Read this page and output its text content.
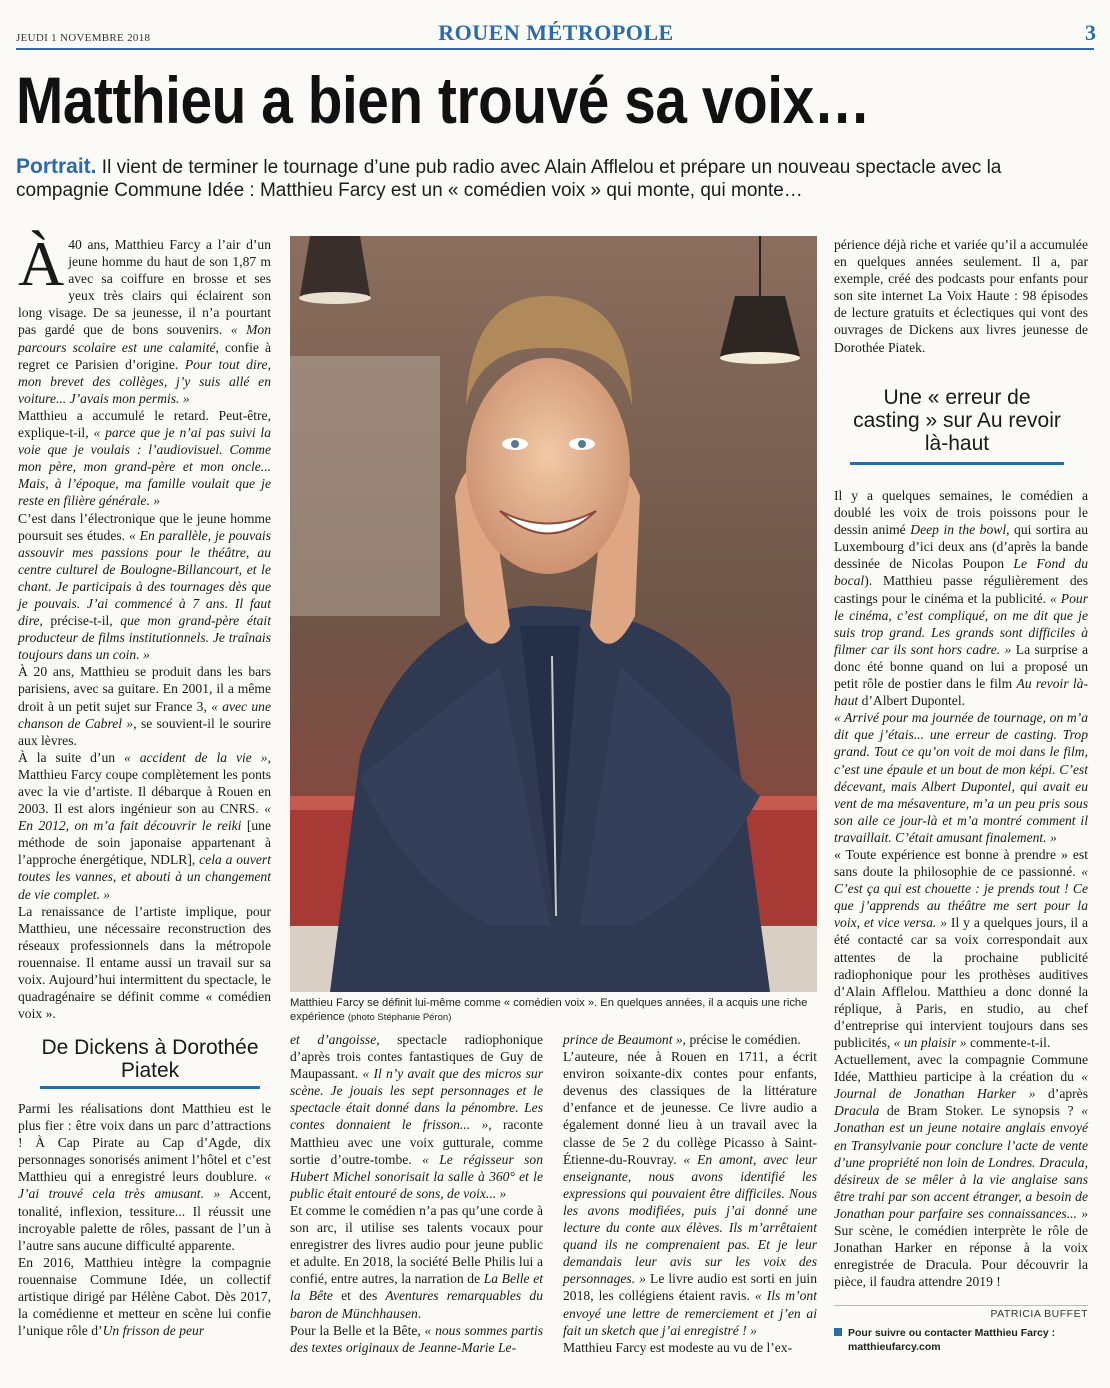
JEUDI 1 NOVEMBRE 2018	ROUEN MÉTROPOLE	3
Matthieu a bien trouvé sa voix…
Portrait. Il vient de terminer le tournage d’une pub radio avec Alain Afflelou et prépare un nouveau spectacle avec la compagnie Commune Idée : Matthieu Farcy est un « comédien voix » qui monte, qui monte…

À 40 ans, Matthieu Farcy a l’air d’un jeune homme du haut de son 1,87 m avec sa coiffure en brosse et ses yeux très clairs qui éclairent son long visage. De sa jeunesse, il n’a pourtant pas gardé que de bons souvenirs. « Mon parcours scolaire est une calamité, confie à regret ce Parisien d’origine. Pour tout dire, mon brevet des collèges, j’y suis allé en voiture... J’avais mon permis. »

Matthieu a accumulé le retard. Peut-être, explique-t-il, « parce que je n’ai pas suivi la voie que je voulais : l’audiovisuel. Comme mon père, mon grand-père et mon oncle... Mais, à l’époque, ma famille voulait que je reste en filière générale. »

C’est dans l’électronique que le jeune homme poursuit ses études. « En parallèle, je pouvais assouvir mes passions pour le théâtre, au centre culturel de Boulogne-Billancourt, et le chant. Je participais à des tournages dès que je pouvais. J’ai commencé à 7 ans. Il faut dire, précise-t-il, que mon grand-père était producteur de films institutionnels. Je traînais toujours dans un coin. »

À 20 ans, Matthieu se produit dans les bars parisiens, avec sa guitare. En 2001, il a même droit à un petit sujet sur France 3, « avec une chanson de Cabrel », se souvient-il le sourire aux lèvres.

À la suite d’un « accident de la vie », Matthieu Farcy coupe complètement les ponts avec la vie d’artiste. Il débarque à Rouen en 2003. Il est alors ingénieur son au CNRS. « En 2012, on m’a fait découvrir le reiki [une méthode de soin japonaise appartenant à l’approche énergétique, NDLR], cela a ouvert toutes les vannes, et abouti à un changement de vie complet. »

La renaissance de l’artiste implique, pour Matthieu, une nécessaire reconstruction des réseaux professionnels dans la métropole rouennaise. Il entame aussi un travail sur sa voix. Aujourd’hui intermittent du spectacle, le quadragénaire se définit comme « comédien voix ».

Matthieu Farcy se définit lui-même comme « comédien voix ». En quelques années, il a acquis une riche expérience (photo Stéphanie Péron)

périence déjà riche et variée qu’il a accumulée en quelques années seulement. Il a, par exemple, créé des podcasts pour enfants pour son site internet La Voix Haute : 98 épisodes de lecture gratuits et éclectiques qui vont des ouvrages de Dickens aux livres jeunesse de Dorothée Piatek.

Une « erreur de casting » sur Au revoir là-haut

Il y a quelques semaines, le comédien a doublé les voix de trois poissons pour le dessin animé Deep in the bowl, qui sortira au Luxembourg d’ici deux ans (d’après la bande dessinée de Nicolas Poupon Le Fond du bocal). Matthieu passe régulièrement des castings pour le cinéma et la publicité. « Pour le cinéma, c’est compliqué, on me dit que je suis trop grand. Les grands sont difficiles à filmer car ils sont hors cadre. » La surprise a donc été bonne quand on lui a proposé un petit rôle de postier dans le film Au revoir là-haut d’Albert Dupontel.

« Arrivé pour ma journée de tournage, on m’a dit que j’étais... une erreur de casting. Trop grand. Tout ce qu’on voit de moi dans le film, c’est une épaule et un bout de mon képi. C’est décevant, mais Albert Dupontel, qui avait eu vent de ma mésaventure, m’a un peu pris sous son aile ce jour-là et m’a montré comment il travaillait. C’était amusant finalement. »

« Toute expérience est bonne à prendre » est sans doute la philosophie de ce passionné. « C’est ça qui est chouette : je prends tout ! Ce que j’apprends au théâtre me sert pour la voix, et vice versa. » Il y a quelques jours, il a été contacté car sa voix correspondait aux attentes de la prochaine publicité radiophonique pour les prothèses auditives d’Alain Afflelou. Matthieu a donc donné la réplique, à Paris, en studio, au chef d’entreprise qui intervient toujours dans ses publicités, « un plaisir » commente-t-il.

Actuellement, avec la compagnie Commune Idée, Matthieu participe à la création du « Journal de Jonathan Harker » d’après Dracula de Bram Stoker. Le synopsis ? « Jonathan est un jeune notaire anglais envoyé en Transylvanie pour conclure l’acte de vente d’une propriété non loin de Londres. Dracula, désireux de se mêler à la vie anglaise sans être trahi par son accent étranger, a besoin de Jonathan pour parfaire ses connaissances... » Sur scène, le comédien interprète le rôle de Jonathan Harker en réponse à la voix enregistrée de Dracula. Pour découvrir la pièce, il faudra attendre 2019 !

De Dickens à Dorothée Piatek

Parmi les réalisations dont Matthieu est le plus fier : être voix dans un parc d’attractions ! À Cap Pirate au Cap d’Agde, dix personnages sonorisés animent l’hôtel et c’est Matthieu qui a enregistré leurs doublure. « J’ai trouvé cela très amusant. » Accent, tonalité, inflexion, tessiture... Il réussit une incroyable palette de rôles, passant de l’un à l’autre sans aucune difficulté apparente.

En 2016, Matthieu intègre la compagnie rouennaise Commune Idée, un collectif artistique dirigé par Hélène Cabot. Dès 2017, la comédienne et metteur en scène lui confie l’unique rôle d’Un frisson de peur

et d’angoisse, spectacle radiophonique d’après trois contes fantastiques de Guy de Maupassant. « Il n’y avait que des micros sur scène. Je jouais les sept personnages et le spectacle était donné dans la pénombre. Les contes donnaient le frisson... », raconte Matthieu avec une voix gutturale, comme sortie d’outre-tombe. « Le régisseur son Hubert Michel sonorisait la salle à 360° et le public était entouré de sons, de voix... »

Et comme le comédien n’a pas qu’une corde à son arc, il utilise ses talents vocaux pour enregistrer des livres audio pour jeune public et adulte. En 2018, la société Belle Philis lui a confié, entre autres, la narration de La Belle et la Bête et des Aventures remarquables du baron de Münchhausen.

Pour la Belle et la Bête, « nous sommes partis des textes originaux de Jeanne-Marie Le-

prince de Beaumont », précise le comédien.

L’auteure, née à Rouen en 1711, a écrit environ soixante-dix contes pour enfants, devenus des classiques de la littérature d’enfance et de jeunesse. Ce livre audio a également donné lieu à un travail avec la classe de 5e 2 du collège Picasso à Saint-Étienne-du-Rouvray. « En amont, avec leur enseignante, nous avons identifié les expressions qui pouvaient être difficiles. Nous les avons modifiées, puis j’ai donné une lecture du conte aux élèves. Ils m’arrêtaient quand ils ne comprenaient pas. Et je leur demandais leur avis sur les voix des personnages. » Le livre audio est sorti en juin 2018, les collégiens étaient ravis. « Ils m’ont envoyé une lettre de remerciement et j’en ai fait un sketch que j’ai enregistré ! »

Matthieu Farcy est modeste au vu de l’ex-

PATRICIA BUFFET
Pour suivre ou contacter Matthieu Farcy :
matthieufarcy.com
